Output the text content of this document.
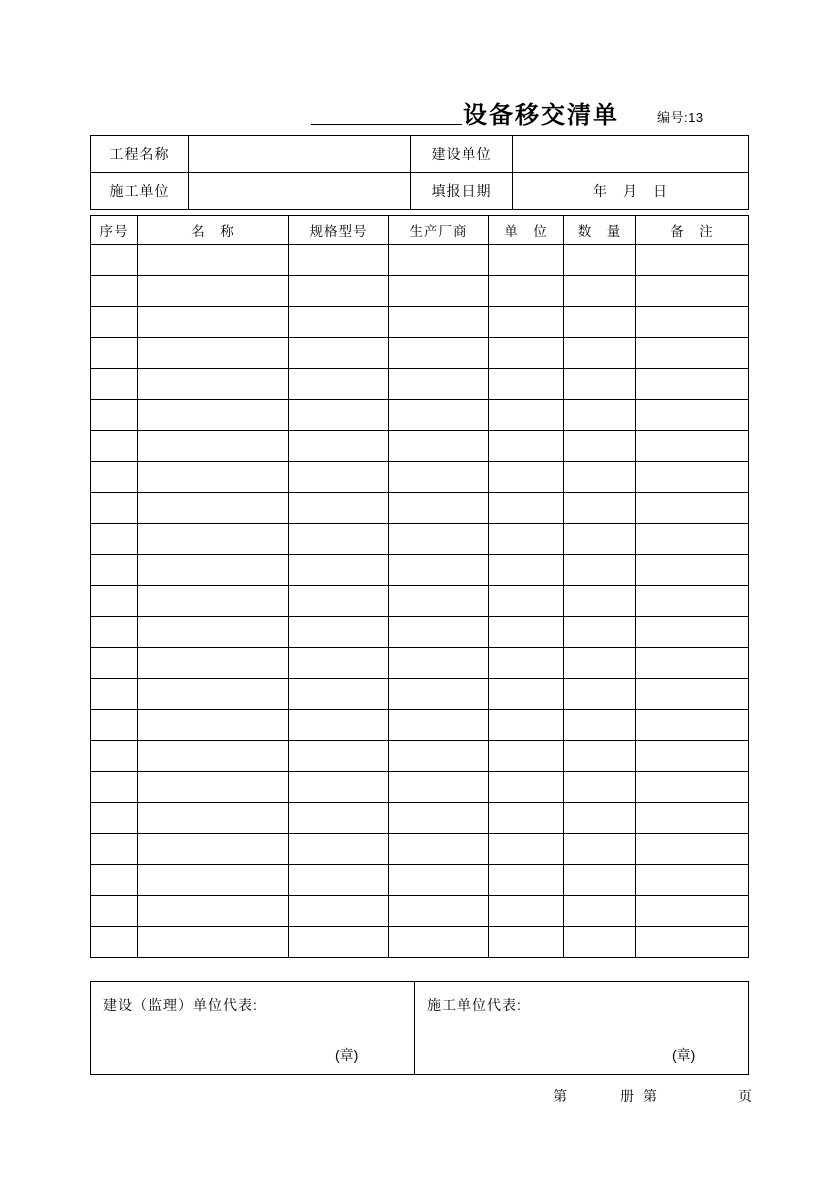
设备移交清单	编号:13
工程名称		建设单位	
施工单位		填报日期	年　月　日
序号	名　称	规格型号	生产厂商	单　位	数　量	备　注

建设（监理）单位代表:
(章)

施工单位代表:
(章)
第	册 第	页
